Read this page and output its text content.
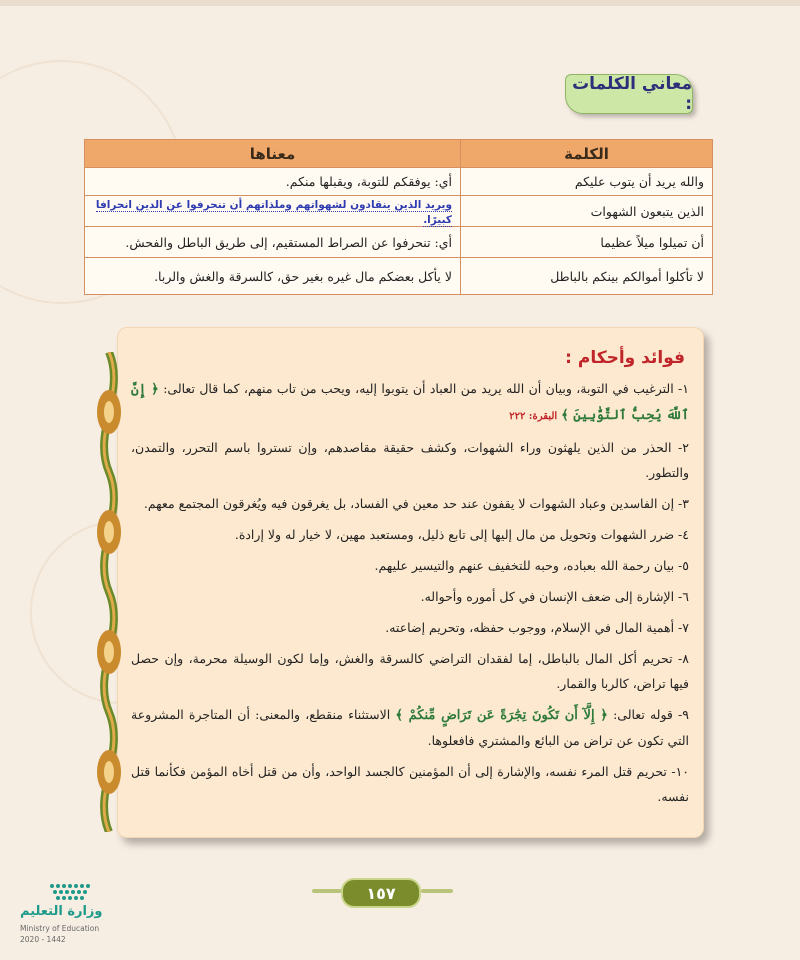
معاني الكلمات :
الكلمة	معناها
والله يريد أن يتوب عليكم	أي: يوفقكم للتوبة، ويقبلها منكم.
الذين يتبعون الشهوات	ويريد الذين ينقادون لشهواتهم وملذاتهم أن تنحرفوا عن الدين انحرافا كبيرًا.
أن تميلوا ميلاً عظيما	أي: تنحرفوا عن الصراط المستقيم، إلى طريق الباطل والفحش.
لا تأكلوا أموالكم بينكم بالباطل	لا يأكل بعضكم مال غيره بغير حق، كالسرقة والغش والربا.
فوائد وأحكام :
١- الترغيب في التوبة، وبيان أن الله يريد من العباد أن يتوبوا إليه، ويحب من تاب منهم، كما قال تعالى: ﴿ إِنَّ ٱللَّهَ يُحِبُّ ٱلتَّوَّٰبِينَ ﴾ البقرة: ٢٢٢
٢- الحذر من الذين يلهثون وراء الشهوات، وكشف حقيقة مقاصدهم، وإن تستروا باسم التحرر، والتمدن، والتطور.
٣- إن الفاسدين وعباد الشهوات لا يقفون عند حد معين في الفساد، بل يغرقون فيه ويُغرقون المجتمع معهم.
٤- ضرر الشهوات وتحويل من مال إليها إلى تابع ذليل، ومستعبد مهين، لا خيار له ولا إرادة.
٥- بيان رحمة الله بعباده، وحبه للتخفيف عنهم والتيسير عليهم.
٦- الإشارة إلى ضعف الإنسان في كل أموره وأحواله.
٧- أهمية المال في الإسلام، ووجوب حفظه، وتحريم إضاعته.
٨- تحريم أكل المال بالباطل، إما لفقدان التراضي كالسرقة والغش، وإما لكون الوسيلة محرمة، وإن حصل فيها تراض، كالربا والقمار.
٩- قوله تعالى: ﴿ إِلَّآ أَن تَكُونَ تِجَٰرَةً عَن تَرَاضٍ مِّنكُمْ ﴾ الاستثناء منقطع، والمعنى: أن المتاجرة المشروعة التي تكون عن تراض من البائع والمشتري فافعلوها.
١٠- تحريم قتل المرء نفسه، والإشارة إلى أن المؤمنين كالجسد الواحد، وأن من قتل أخاه المؤمن فكأنما قتل نفسه.
١٥٧
وزارة التعليم
Ministry of Education
2020 - 1442
